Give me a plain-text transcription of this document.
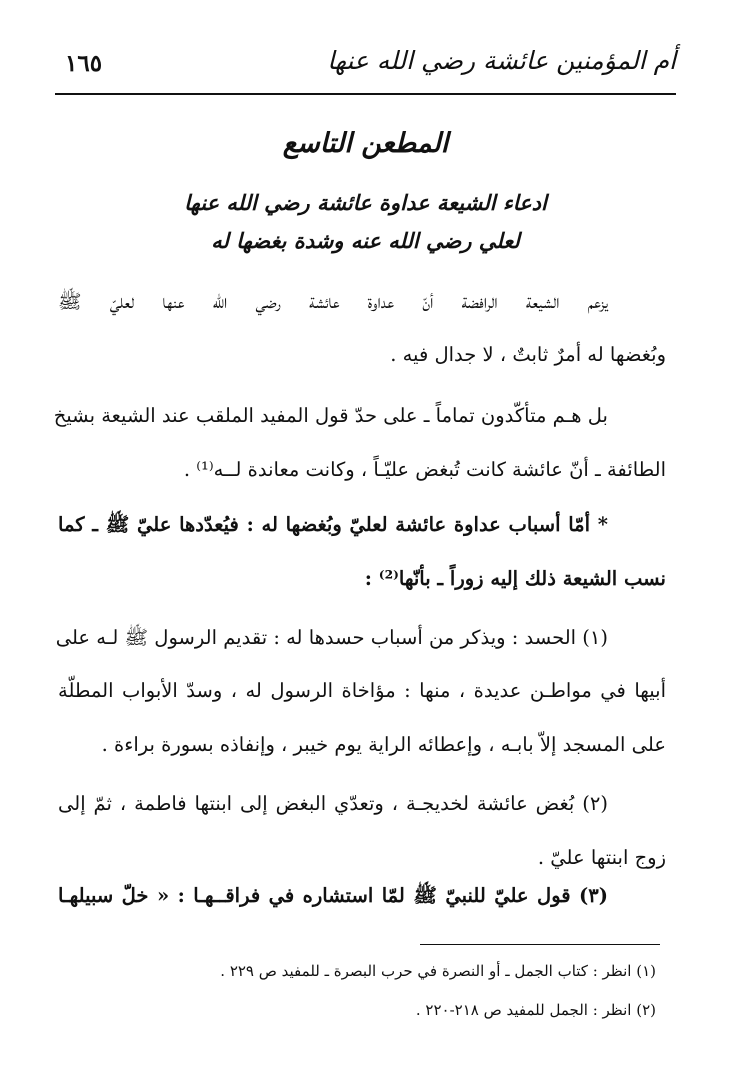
أم المؤمنين عائشة رضي الله عنها
١٦٥
المطعن التاسع
ادعاء الشيعة عداوة عائشة رضي الله عنها
لعلي رضي الله عنه وشدة بغضها له
يزعم الشيعة الرافضة أنّ عداوة عائشة رضي الله عنها لعليّ ﷺ
وبُغضها له أمرٌ ثابتٌ ، لا جدال فيه .
بل هـم متأكّدون تماماً ـ على حدّ قول المفيد الملقب عند الشيعة بشيخ
الطائفة ـ أنّ عائشة كانت تُبغض عليّـاً ، وكانت معاندة لــه⁽¹⁾ .
* أمّا أسباب عداوة عائشة لعليّ وبُغضها له : فيُعدّدها عليّ ﷺ ـ كما
نسب الشيعة ذلك إليه زوراً ـ بأنّها⁽²⁾ :
(١) الحسد : ويذكر من أسباب حسدها له : تقديم الرسول ﷺ لـه على
أبيها في مواطـن عديدة ، منها : مؤاخاة الرسول له ، وسدّ الأبواب المطلّة
على المسجد إلاّ بابـه ، وإعطائه الراية يوم خيبر ، وإنفاذه بسورة براءة .
(٢) بُغض عائشة لخديجـة ، وتعدّي البغض إلى ابنتها فاطمة ، ثمّ إلى
زوج ابنتها عليّ .
(٣) قول عليّ للنبيّ ﷺ لمّا استشاره في فراقــهـا : « خلّ سبيلهـا
(١) انظر : كتاب الجمل ـ أو النصرة في حرب البصرة ـ للمفيد ص ٢٢٩ .
(٢) انظر : الجمل للمفيد ص ٢١٨-٢٢٠ .
